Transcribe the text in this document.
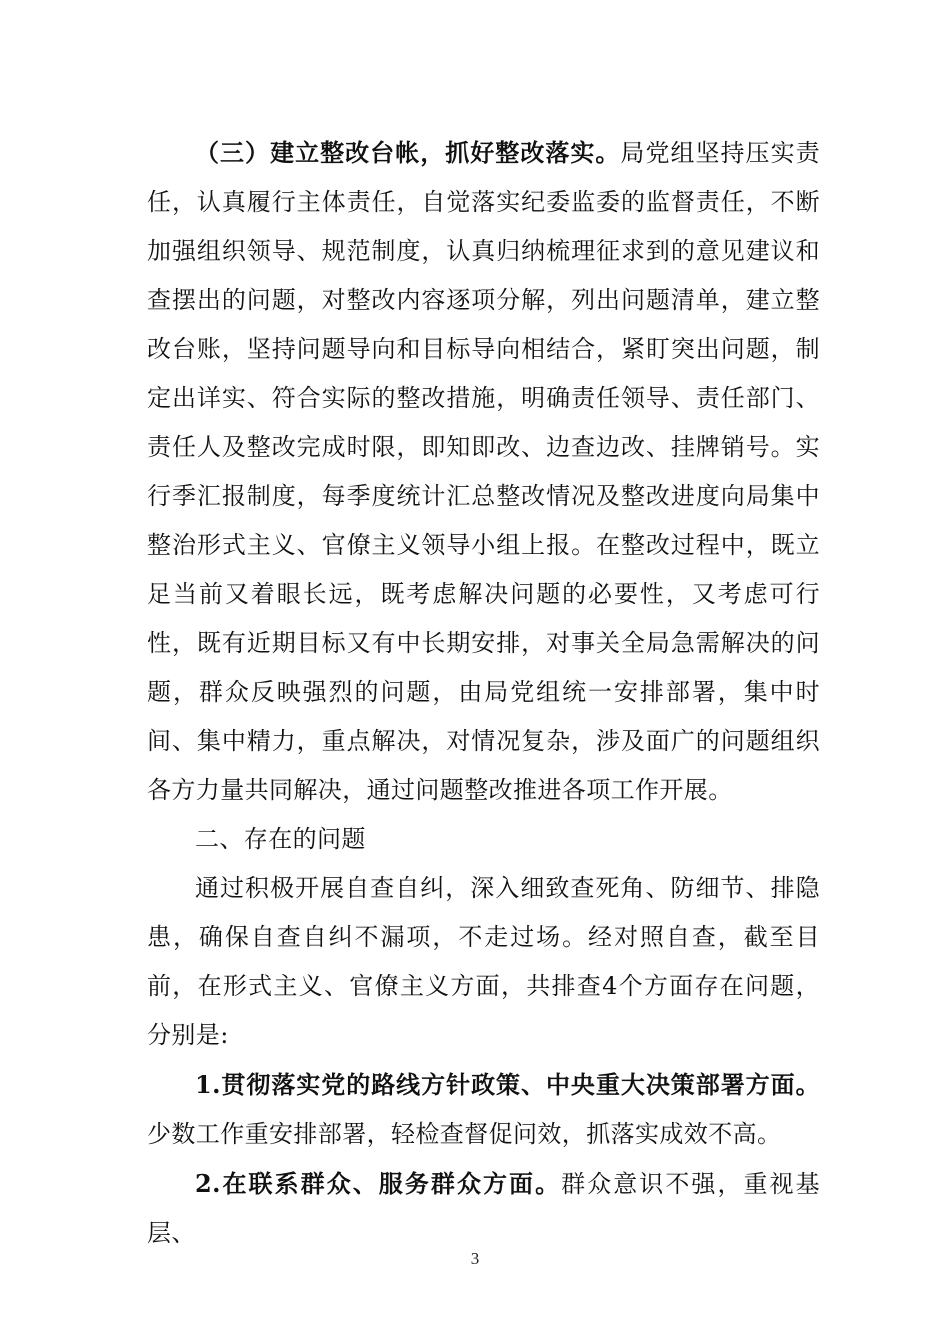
（三）建立整改台帐，抓好整改落实。局党组坚持压实责任，认真履行主体责任，自觉落实纪委监委的监督责任，不断加强组织领导、规范制度，认真归纳梳理征求到的意见建议和查摆出的问题，对整改内容逐项分解，列出问题清单，建立整改台账，坚持问题导向和目标导向相结合，紧盯突出问题，制定出详实、符合实际的整改措施，明确责任领导、责任部门、责任人及整改完成时限，即知即改、边查边改、挂牌销号。实行季汇报制度，每季度统计汇总整改情况及整改进度向局集中整治形式主义、官僚主义领导小组上报。在整改过程中，既立足当前又着眼长远，既考虑解决问题的必要性，又考虑可行性，既有近期目标又有中长期安排，对事关全局急需解决的问题，群众反映强烈的问题，由局党组统一安排部署，集中时间、集中精力，重点解决，对情况复杂，涉及面广的问题组织各方力量共同解决，通过问题整改推进各项工作开展。

二、存在的问题

通过积极开展自查自纠，深入细致查死角、防细节、排隐患，确保自查自纠不漏项，不走过场。经对照自查，截至目前，在形式主义、官僚主义方面，共排查4个方面存在问题，分别是:

1.贯彻落实党的路线方针政策、中央重大决策部署方面。少数工作重安排部署，轻检查督促问效，抓落实成效不高。

2.在联系群众、服务群众方面。群众意识不强，重视基层、

3
